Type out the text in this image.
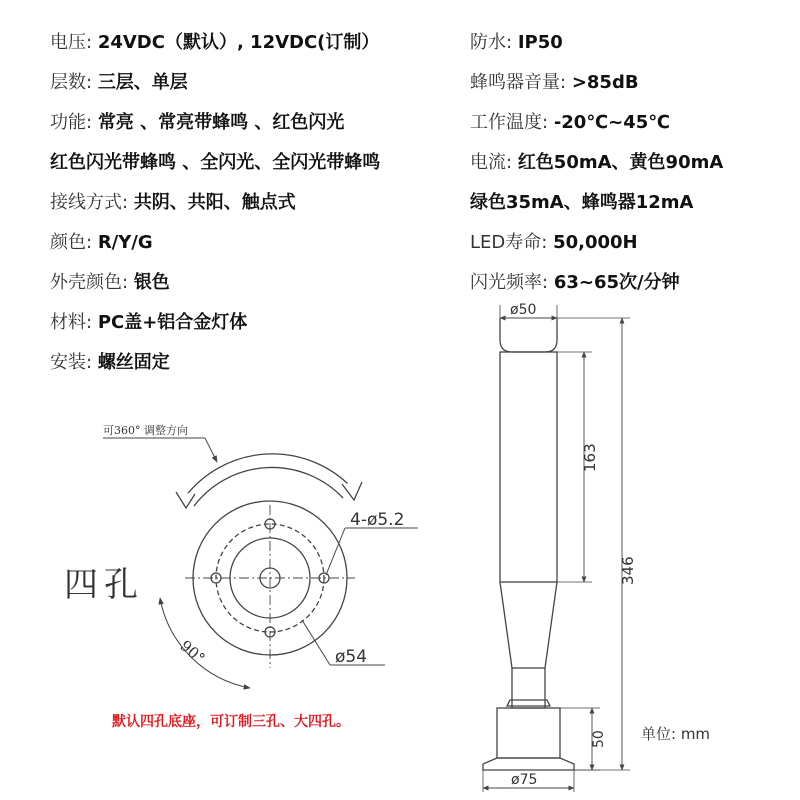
电压: 24VDC（默认）, 12VDC(订制）
层数: 三层、单层
功能: 常亮 、常亮带蜂鸣 、红色闪光
红色闪光带蜂鸣 、全闪光、全闪光带蜂鸣
接线方式: 共阴、共阳、触点式
颜色: R/Y/G
外壳颜色: 银色
材料: PC盖+铝合金灯体
安装: 螺丝固定
防水: IP50
蜂鸣器音量: >85dB
工作温度: -20℃~45℃
电流: 红色50mA、黄色90mA
绿色35mA、蜂鸣器12mA
LED寿命: 50,000H
闪光频率: 63~65次/分钟
可360° 调整方向
4-ø5.2
ø54
90°
四孔
ø50
163
346
50
ø75
默认四孔底座，可订制三孔、大四孔。
单位: mm
